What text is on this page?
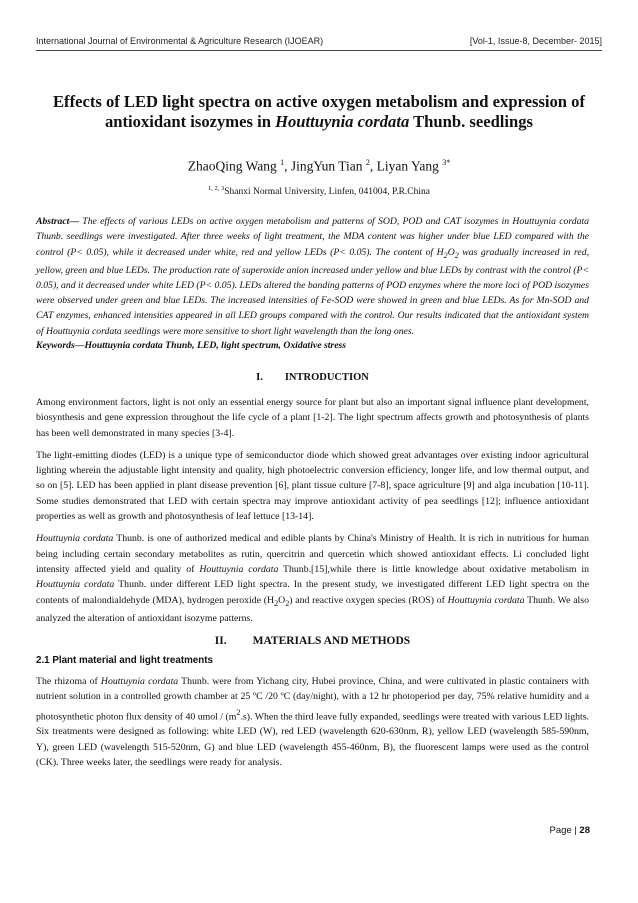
International Journal of Environmental & Agriculture Research (IJOEAR)	[Vol-1, Issue-8, December- 2015]
Effects of LED light spectra on active oxygen metabolism and expression of antioxidant isozymes in Houttuynia cordata Thunb. seedlings
ZhaoQing Wang $^1$, JingYun Tian $^2$, Liyan Yang $^{3*}$
$^{1, 2, 3}$Shanxi Normal University, Linfen, 041004, P.R.China

Abstract— The effects of various LEDs on active oxygen metabolism and patterns of SOD, POD and CAT isozymes in Houttuynia cordata Thunb. seedlings were investigated. After three weeks of light treatment, the MDA content was higher under blue LED compared with the control (P< 0.05), while it decreased under white, red and yellow LEDs (P< 0.05). The content of $H_2O_2$ was gradually increased in red, yellow, green and blue LEDs. The production rate of superoxide anion increased under yellow and blue LEDs by contrast with the control (P< 0.05), and it decreased under white LED (P< 0.05). LEDs altered the banding patterns of POD enzymes where the more loci of POD isozymes were observed under green and blue LEDs. The increased intensities of Fe-SOD were showed in green and blue LEDs. As for Mn-SOD and CAT enzymes, enhanced intensities appeared in all LED groups compared with the control. Our results indicated that the antioxidant system of Houttuynia cordata seedlings were more sensitive to short light wavelength than the long ones.

Keywords—Houttuynia cordata Thunb, LED, light spectrum, Oxidative stress

I. INTRODUCTION

Among environment factors, light is not only an essential energy source for plant but also an important signal influence plant development, biosynthesis and gene expression throughout the life cycle of a plant [1-2]. The light spectrum affects growth and photosynthesis of plants has been well demonstrated in many species [3-4].

The light-emitting diodes (LED) is a unique type of semiconductor diode which showed great advantages over existing indoor agricultural lighting wherein the adjustable light intensity and quality, high photoelectric conversion efficiency, longer life, and low thermal output, and so on [5]. LED has been applied in plant disease prevention [6], plant tissue culture [7-8], space agriculture [9] and alga incubation [10-11]. Some studies demonstrated that LED with certain spectra may improve antioxidant activity of pea seedlings [12]; influence antioxidant properties as well as growth and photosynthesis of leaf lettuce [13-14].

Houttuynia cordata Thunb. is one of authorized medical and edible plants by China's Ministry of Health. It is rich in nutritious for human being including certain secondary metabolites as rutin, quercitrin and quercetin which showed antioxidant effects. Li concluded light intensity affected yield and quality of Houttuynia cordata Thunb.[15],while there is little knowledge about oxidative metabolism in Houttuynia cordata Thunb. under different LED light spectra. In the present study, we investigated different LED light spectra on the contents of malondialdehyde (MDA), hydrogen peroxide $(H_2O_2)$ and reactive oxygen species (ROS) of Houttuynia cordata Thunb. We also analyzed the alteration of antioxidant isozyme patterns.

II. MATERIALS AND METHODS
2.1 Plant material and light treatments

The rhizoma of Houttuynia cordata Thunb. were from Yichang city, Hubei province, China, and were cultivated in plastic containers with nutrient solution in a controlled growth chamber at 25 ºC /20 ºC (day/night), with a 12 hr photoperiod per day, 75% relative humidity and a photosynthetic photon flux density of 40 umol / $(m^2.s)$. When the third leave fully expanded, seedlings were treated with various LED lights. Six treatments were designed as following: white LED (W), red LED (wavelength 620-630nm, R), yellow LED (wavelength 585-590nm, Y), green LED (wavelength 515-520nm, G) and blue LED (wavelength 455-460nm, B), the fluorescent lamps were used as the control (CK). Three weeks later, the seedlings were ready for analysis.

Page | 28
